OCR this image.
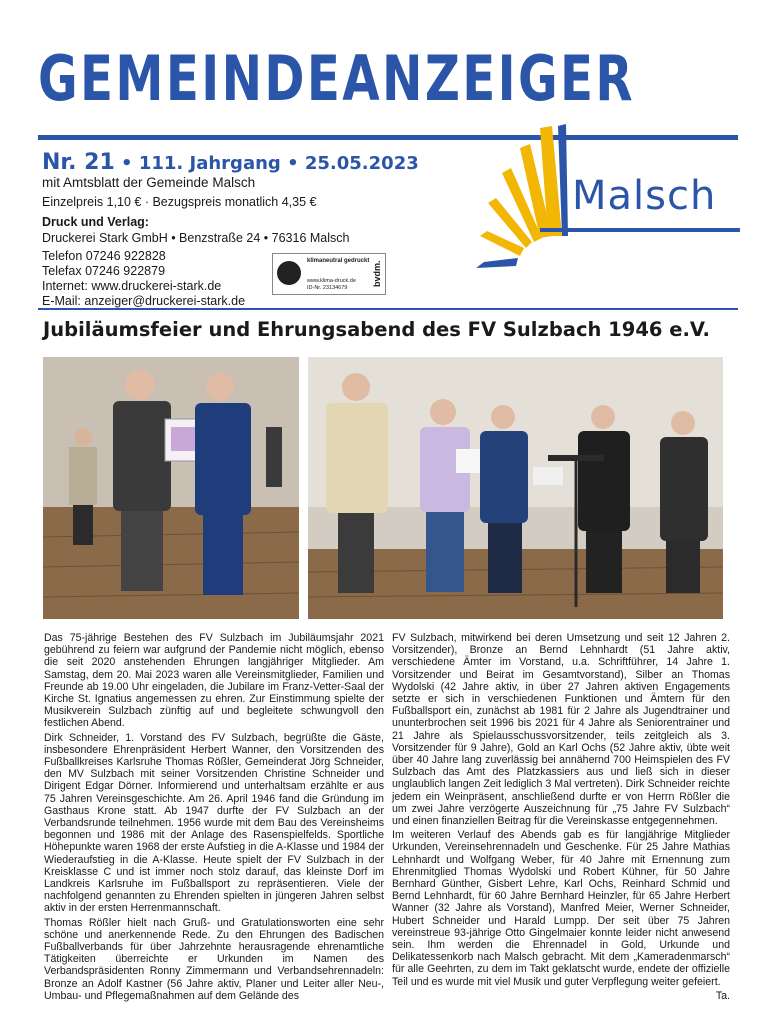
GEMEINDEANZEIGER
Nr. 21 • 111. Jahrgang • 25.05.2023
mit Amtsblatt der Gemeinde Malsch
Einzelpreis 1,10 € · Bezugspreis monatlich 4,35 €
Druck und Verlag:
Druckerei Stark GmbH • Benzstraße 24 • 76316 Malsch
Telefon 07246 922828
Telefax 07246 922879
Internet: www.druckerei-stark.de
E-Mail: anzeiger@druckerei-stark.de
klimaneutral gedruckt
www.klima-druck.de
ID-Nr. 23134679
bvdm.
Malsch
Jubiläumsfeier und Ehrungsabend des FV Sulzbach 1946 e.V.

Das 75-jährige Bestehen des FV Sulzbach im Jubiläumsjahr 2021 gebührend zu feiern war aufgrund der Pandemie nicht möglich, ebenso die seit 2020 anstehenden Ehrungen langjähriger Mitglieder. Am Samstag, dem 20. Mai 2023 waren alle Vereinsmitglieder, Familien und Freunde ab 19.00 Uhr eingeladen, die Jubilare im Franz-Vetter-Saal der Kirche St. Ignatius angemessen zu ehren. Zur Einstimmung spielte der Musikverein Sulzbach zünftig auf und begleitete schwungvoll den festlichen Abend.

Dirk Schneider, 1. Vorstand des FV Sulzbach, begrüßte die Gäste, insbesondere Ehrenpräsident Herbert Wanner, den Vorsitzenden des Fußballkreises Karlsruhe Thomas Rößler, Gemeinderat Jörg Schneider, den MV Sulzbach mit seiner Vorsitzenden Christine Schneider und Dirigent Edgar Dörner. Informierend und unterhaltsam erzählte er aus 75 Jahren Vereinsgeschichte. Am 26. April 1946 fand die Gründung im Gasthaus Krone statt. Ab 1947 durfte der FV Sulzbach an der Verbandsrunde teilnehmen. 1956 wurde mit dem Bau des Vereinsheims begonnen und 1986 mit der Anlage des Rasenspielfelds. Sportliche Höhepunkte waren 1968 der erste Aufstieg in die A-Klasse und 1984 der Wiederaufstieg in die A-Klasse. Heute spielt der FV Sulzbach in der Kreisklasse C und ist immer noch stolz darauf, das kleinste Dorf im Landkreis Karlsruhe im Fußballsport zu repräsentieren. Viele der nachfolgend genannten zu Ehrenden spielten in jüngeren Jahren selbst aktiv in der ersten Herrenmannschaft.

Thomas Rößler hielt nach Gruß- und Gratulationsworten eine sehr schöne und anerkennende Rede. Zu den Ehrungen des Badischen Fußballverbands für über Jahrzehnte herausragende ehrenamtliche Tätigkeiten überreichte er Urkunden im Namen des Verbandspräsidenten Ronny Zimmermann und Verbandsehrennadeln: Bronze an Adolf Kastner (56 Jahre aktiv, Planer und Leiter aller Neu-, Umbau- und Pflegemaßnahmen auf dem Gelände des

FV Sulzbach, mitwirkend bei deren Umsetzung und seit 12 Jahren 2. Vorsitzender), Bronze an Bernd Lehnhardt (51 Jahre aktiv, verschiedene Ämter im Vorstand, u.a. Schriftführer, 14 Jahre 1. Vorsitzender und Beirat im Gesamtvorstand), Silber an Thomas Wydolski (42 Jahre aktiv, in über 27 Jahren aktiven Engagements setzte er sich in verschiedenen Funktionen und Ämtern für den Fußballsport ein, zunächst ab 1981 für 2 Jahre als Jugendtrainer und ununterbrochen seit 1996 bis 2021 für 4 Jahre als Seniorentrainer und 21 Jahre als Spielausschussvorsitzender, teils zeitgleich als 3. Vorsitzender für 9 Jahre), Gold an Karl Ochs (52 Jahre aktiv, übte weit über 40 Jahre lang zuverlässig bei annähernd 700 Heimspielen des FV Sulzbach das Amt des Platzkassiers aus und ließ sich in dieser unglaublich langen Zeit lediglich 3 Mal vertreten). Dirk Schneider reichte jedem ein Weinpräsent, anschließend durfte er von Herrn Rößler die um zwei Jahre verzögerte Auszeichnung für „75 Jahre FV Sulzbach“ und einen finanziellen Beitrag für die Vereinskasse entgegennehmen.

Im weiteren Verlauf des Abends gab es für langjährige Mitglieder Urkunden, Vereinsehrennadeln und Geschenke. Für 25 Jahre Mathias Lehnhardt und Wolfgang Weber, für 40 Jahre mit Ernennung zum Ehrenmitglied Thomas Wydolski und Robert Kühner, für 50 Jahre Bernhard Günther, Gisbert Lehre, Karl Ochs, Reinhard Schmid und Bernd Lehnhardt, für 60 Jahre Bernhard Heinzler, für 65 Jahre Herbert Wanner (32 Jahre als Vorstand), Manfred Meier, Werner Schneider, Hubert Schneider und Harald Lumpp. Der seit über 75 Jahren vereinstreue 93-jährige Otto Gingelmaier konnte leider nicht anwesend sein. Ihm werden die Ehrennadel in Gold, Urkunde und Delikatessenkorb nach Malsch gebracht. Mit dem „Kameradenmarsch“ für alle Geehrten, zu dem im Takt geklatscht wurde, endete der offizielle Teil und es wurde mit viel Musik und guter Verpflegung weiter gefeiert.

Ta.
